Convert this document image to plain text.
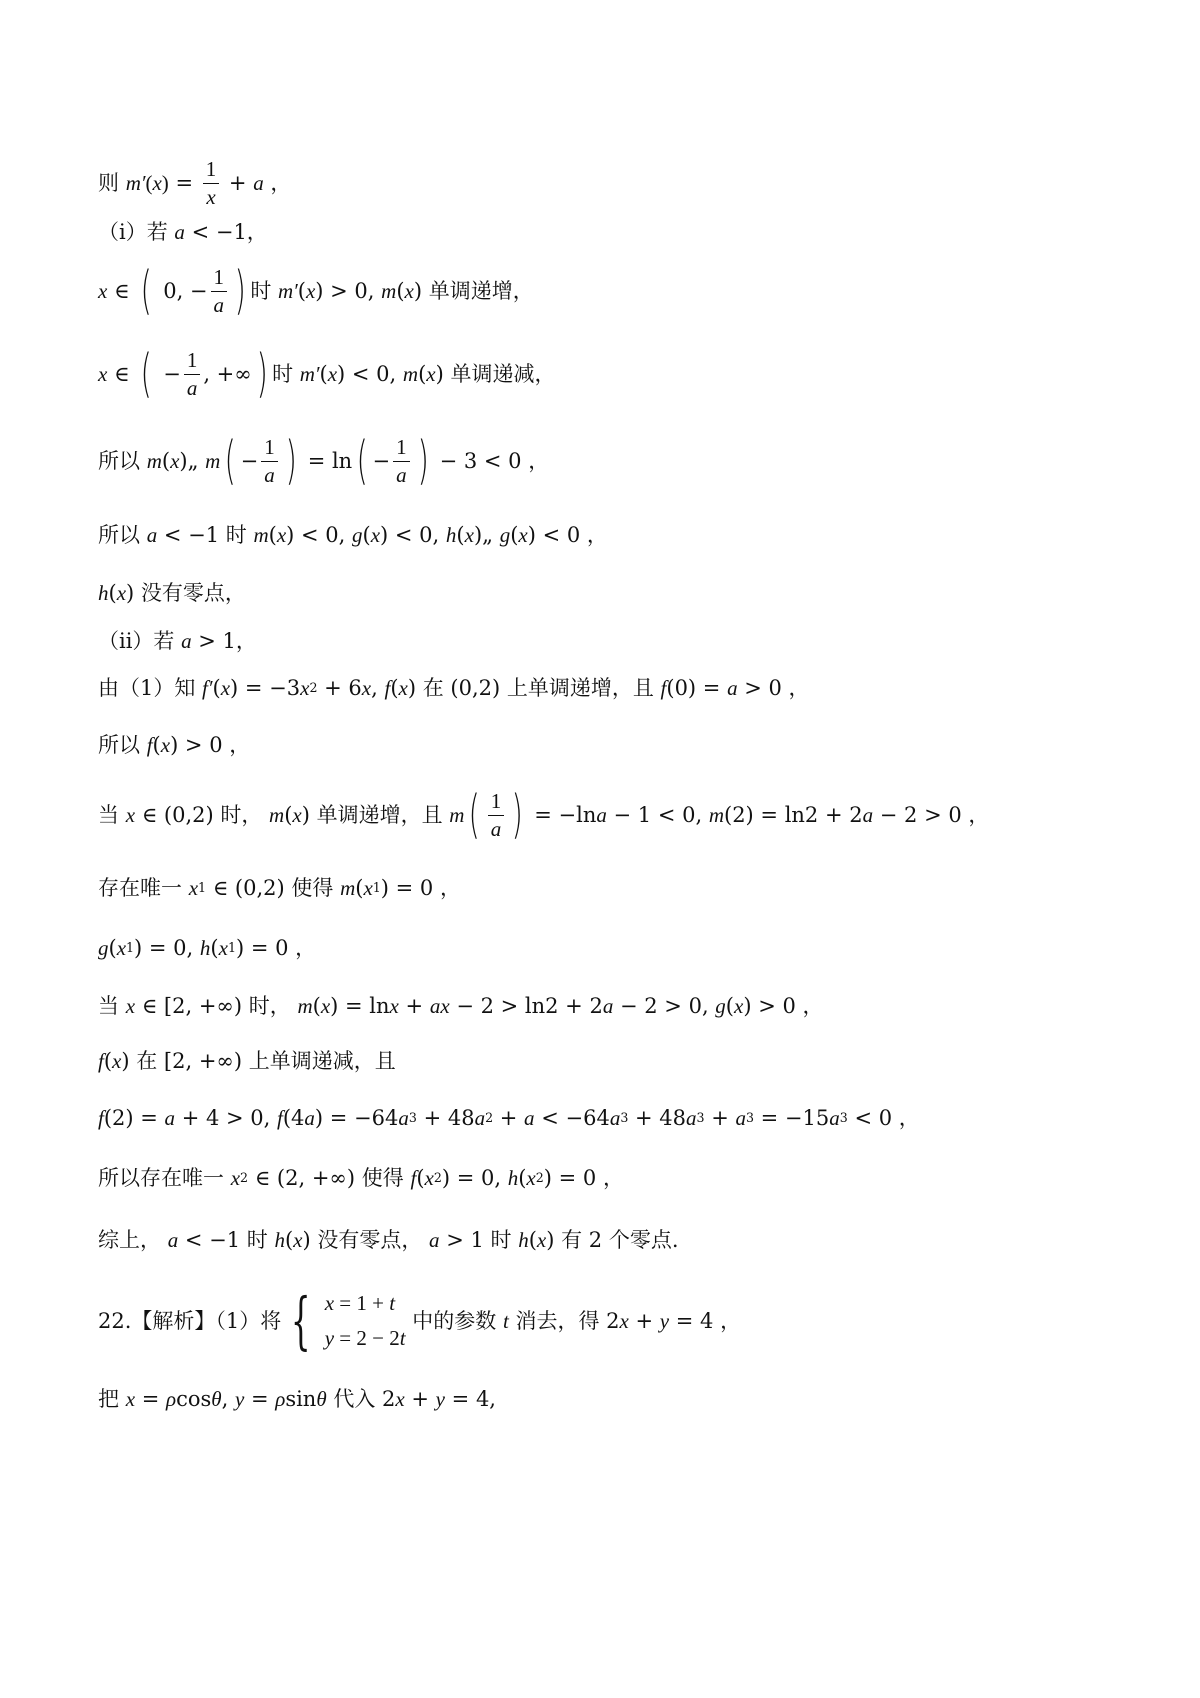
则
m′ ( x ) = $\frac{1}{x} + a$ ，
（i）若
a < −1，
x ∈ ( 0, − $\frac{1}{a}$ ) 时 m′ ( x ) > 0, m ( x ) 单调递增，
x ∈ ( − $\frac{1}{a}$ , +∞ ) 时 m′ ( x ) < 0, m ( x ) 单调递减，
所以 m ( x )„ m ( − $\frac{1}{a}$ ) = ln ( − $\frac{1}{a}$ ) − 3 < 0 ，
所以 a < −1 时 m ( x ) < 0, g ( x ) < 0, h ( x )„ g ( x ) < 0 ，
h ( x ) 没有零点，
（ii）若 a > 1，
由（1）知 f′ ( x ) = −3 x 2 + 6 x , f ( x ) 在 (0,2) 上单调递增，且 f (0) = a > 0 ，
所以 f ( x ) > 0 ，
当 x ∈ (0,2) 时， m ( x ) 单调递增，且 m ( $\frac{1}{a}$ ) = −ln a − 1 < 0, m (2) = ln2 + 2 a − 2 > 0 ，
存在唯一 x 1 ∈ (0,2) 使得 m ( x 1 ) = 0 ，
g ( x 1 ) = 0, h ( x 1 ) = 0 ，
当 x ∈ [2, +∞) 时， m ( x ) = ln x + ax − 2 > ln2 + 2 a − 2 > 0, g ( x ) > 0 ，
f ( x ) 在 [2, +∞) 上单调递减，且
f (2) = a + 4 > 0, f (4 a ) = −64 a 3 + 48 a 2 + a < −64 a 3 + 48 a 3 + a 3 = −15 a 3 < 0 ，
所以存在唯一 x 2 ∈ (2, +∞) 使得 f ( x 2 ) = 0, h ( x 2 ) = 0 ，
综上， a < −1 时 h ( x ) 没有零点， a > 1 时 h ( x ) 有 2 个零点.
22.【解析】（1）将 { x = 1 + t
y = 2 − 2t
中的参数 t 消去，得 2 x + y = 4 ，
把 x = ρ cos θ , y = ρ sin θ 代入 2 x + y = 4,
